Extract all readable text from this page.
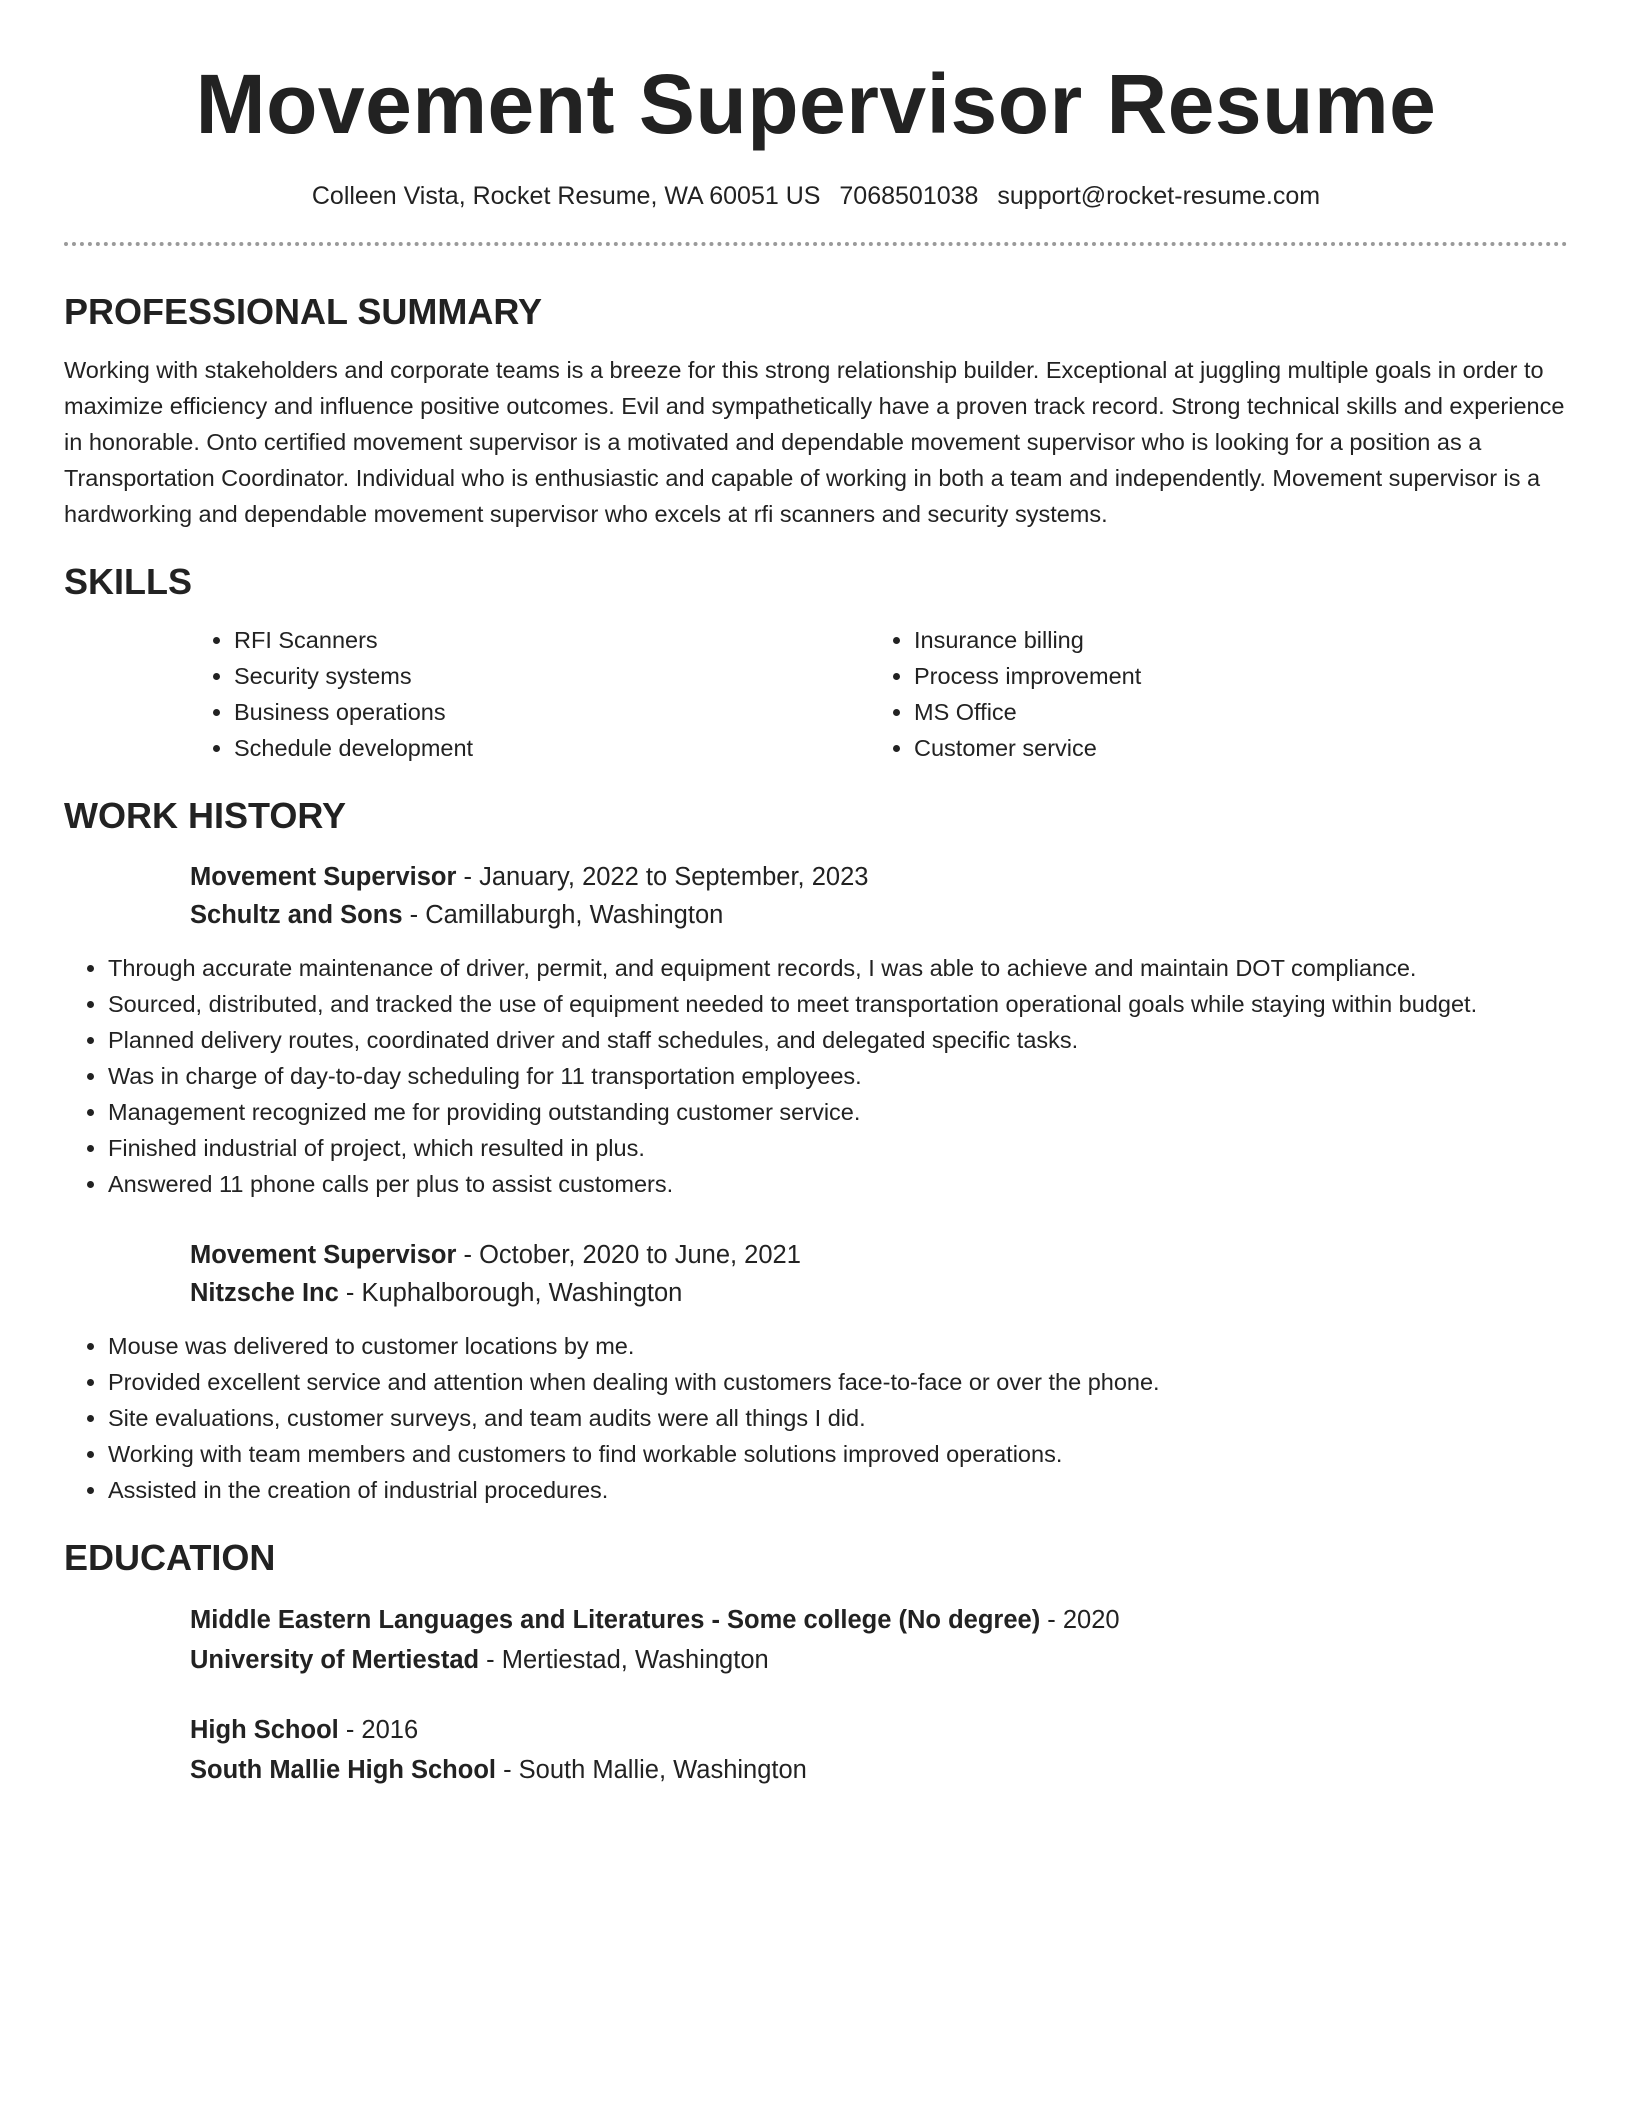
Movement Supervisor Resume
Colleen Vista, Rocket Resume, WA 60051 US 7068501038 support@rocket-resume.com
PROFESSIONAL SUMMARY

Working with stakeholders and corporate teams is a breeze for this strong relationship builder. Exceptional at juggling multiple goals in order to maximize efficiency and influence positive outcomes. Evil and sympathetically have a proven track record. Strong technical skills and experience in honorable. Onto certified movement supervisor is a motivated and dependable movement supervisor who is looking for a position as a Transportation Coordinator. Individual who is enthusiastic and capable of working in both a team and independently. Movement supervisor is a hardworking and dependable movement supervisor who excels at rfi scanners and security systems.

SKILLS
• RFI Scanners
• Security systems
• Business operations
• Schedule development
• Insurance billing
• Process improvement
• MS Office
• Customer service
WORK HISTORY
Movement Supervisor - January, 2022 to September, 2023
Schultz and Sons - Camillaburgh, Washington
• Through accurate maintenance of driver, permit, and equipment records, I was able to achieve and maintain DOT compliance.
• Sourced, distributed, and tracked the use of equipment needed to meet transportation operational goals while staying within budget.
• Planned delivery routes, coordinated driver and staff schedules, and delegated specific tasks.
• Was in charge of day-to-day scheduling for 11 transportation employees.
• Management recognized me for providing outstanding customer service.
• Finished industrial of project, which resulted in plus.
• Answered 11 phone calls per plus to assist customers.
Movement Supervisor - October, 2020 to June, 2021
Nitzsche Inc - Kuphalborough, Washington
• Mouse was delivered to customer locations by me.
• Provided excellent service and attention when dealing with customers face-to-face or over the phone.
• Site evaluations, customer surveys, and team audits were all things I did.
• Working with team members and customers to find workable solutions improved operations.
• Assisted in the creation of industrial procedures.
EDUCATION
Middle Eastern Languages and Literatures - Some college (No degree) - 2020
University of Mertiestad - Mertiestad, Washington
High School - 2016
South Mallie High School - South Mallie, Washington
